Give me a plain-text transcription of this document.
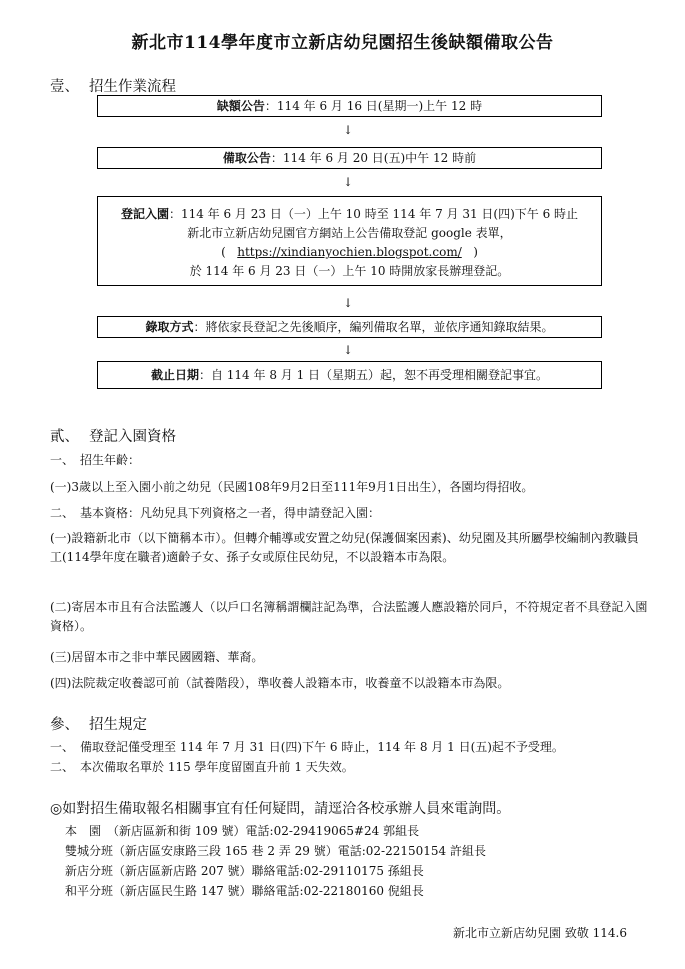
新北市114學年度市立新店幼兒園招生後缺額備取公告
壹、 招生作業流程
缺額公告：114 年 6 月 16 日(星期一)上午 12 時
↓
備取公告：114 年 6 月 20 日(五)中午 12 時前
↓
登記入園：114 年 6 月 23 日（一）上午 10 時至 114 年 7 月 31 日(四)下午 6 時止
新北市立新店幼兒園官方網站上公告備取登記 google 表單，
( https://xindianyochien.blogspot.com/ )
於 114 年 6 月 23 日（一）上午 10 時開放家長辦理登記。
↓
錄取方式：將依家長登記之先後順序，編列備取名單，並依序通知錄取結果。
↓
截止日期：自 114 年 8 月 1 日（星期五）起，恕不再受理相關登記事宜。
貳、 登記入園資格
一、　招生年齡：
(一)3歲以上至入園小前之幼兒（民國108年9月2日至111年9月1日出生），各園均得招收。
二、　基本資格：凡幼兒具下列資格之一者，得申請登記入園：
(一)設籍新北市（以下簡稱本市）。但轉介輔導或安置之幼兒(保護個案因素)、幼兒園及其所屬學校編制內教職員工(114學年度在職者)適齡子女、孫子女或原住民幼兒，不以設籍本市為限。
(二)寄居本市且有合法監護人（以戶口名簿稱謂欄註記為準，合法監護人應設籍於同戶，不符規定者不具登記入園資格）。
(三)居留本市之非中華民國國籍、華裔。
(四)法院裁定收養認可前（試養階段），準收養人設籍本市，收養童不以設籍本市為限。
參、 招生規定
一、　備取登記僅受理至 114 年 7 月 31 日(四)下午 6 時止，114 年 8 月 1 日(五)起不予受理。
二、　本次備取名單於 115 學年度留園直升前 1 天失效。
◎如對招生備取報名相關事宜有任何疑問，請逕洽各校承辦人員來電詢問。
本　園　（新店區新和街 109 號）電話:02-29419065#24 郭組長
雙城分班（新店區安康路三段 165 巷 2 弄 29 號）電話:02-22150154 許組長
新店分班（新店區新店路 207 號）聯絡電話:02-29110175 孫組長
和平分班（新店區民生路 147 號）聯絡電話:02-22180160 倪組長
新北市立新店幼兒園 致敬 114.6
